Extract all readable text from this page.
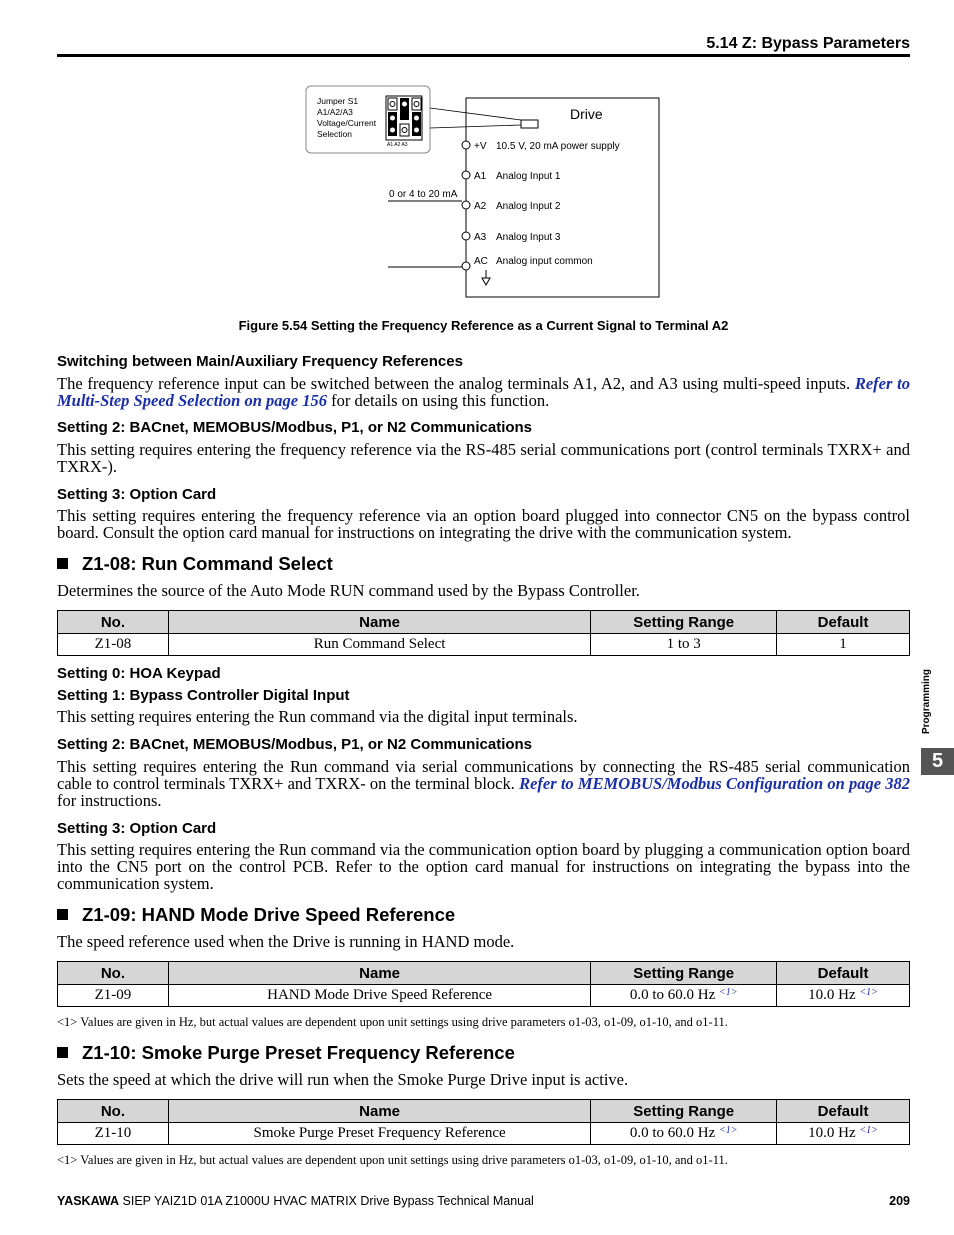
5.14 Z: Bypass Parameters
Jumper S1
A1/A2/A3
Voltage/Current
Selection
A1 A2 A3
Drive
+V 10.5 V, 20 mA power supply
A1 Analog Input 1
A2 Analog Input 2
A3 Analog Input 3
AC Analog input common
0 or 4 to 20 mA
Figure 5.54 Setting the Frequency Reference as a Current Signal to Terminal A2
Switching between Main/Auxiliary Frequency References
The frequency reference input can be switched between the analog terminals A1, A2, and A3 using multi-speed inputs. Refer to Multi-Step Speed Selection on page 156 for details on using this function.
Setting 2: BACnet, MEMOBUS/Modbus, P1, or N2 Communications
This setting requires entering the frequency reference via the RS-485 serial communications port (control terminals TXRX+ and TXRX-).
Setting 3: Option Card
This setting requires entering the frequency reference via an option board plugged into connector CN5 on the bypass control board. Consult the option card manual for instructions on integrating the drive with the communication system.
Z1-08: Run Command Select
Determines the source of the Auto Mode RUN command used by the Bypass Controller.
No.	Name	Setting Range	Default
Z1-08	Run Command Select	1 to 3	1
Setting 0: HOA Keypad
Setting 1: Bypass Controller Digital Input
This setting requires entering the Run command via the digital input terminals.
Setting 2: BACnet, MEMOBUS/Modbus, P1, or N2 Communications
This setting requires entering the Run command via serial communications by connecting the RS-485 serial communication cable to control terminals TXRX+ and TXRX- on the terminal block. Refer to MEMOBUS/Modbus Configuration on page 382 for instructions.
Setting 3: Option Card
This setting requires entering the Run command via the communication option board by plugging a communication option board into the CN5 port on the control PCB. Refer to the option card manual for instructions on integrating the bypass into the communication system.
Z1-09: HAND Mode Drive Speed Reference
The speed reference used when the Drive is running in HAND mode.
No.	Name	Setting Range	Default
Z1-09	HAND Mode Drive Speed Reference	0.0 to 60.0 Hz $^{<1>}$	10.0 Hz $^{<1>}$
<1> Values are given in Hz, but actual values are dependent upon unit settings using drive parameters o1-03, o1-09, o1-10, and o1-11.
Z1-10: Smoke Purge Preset Frequency Reference
Sets the speed at which the drive will run when the Smoke Purge Drive input is active.
No.	Name	Setting Range	Default
Z1-10	Smoke Purge Preset Frequency Reference	0.0 to 60.0 Hz $^{<1>}$	10.0 Hz $^{<1>}$
<1> Values are given in Hz, but actual values are dependent upon unit settings using drive parameters o1-03, o1-09, o1-10, and o1-11.
Programming
5
YASKAWA SIEP YAIZ1D 01A Z1000U HVAC MATRIX Drive Bypass Technical Manual	209
